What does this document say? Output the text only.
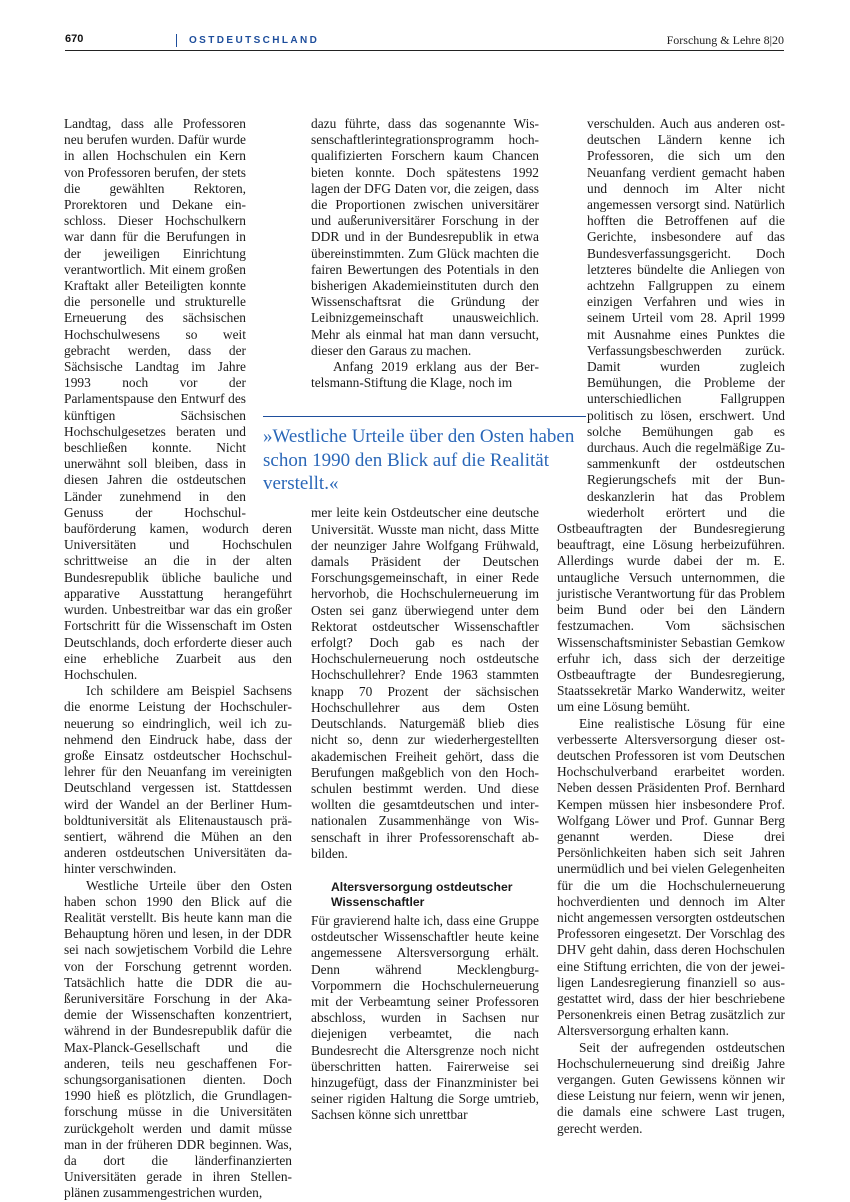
670	OSTDEUTSCHLAND	Forschung & Lehre 8|20

Landtag, dass alle Professoren neu berufen wurden. Dafür wurde in allen Hochschulen ein Kern von Professoren berufen, der stets die gewählten Rektoren, Prorektoren und Dekane einschloss. Dieser Hochschulkern war dann für die Berufungen in der jeweiligen Einrichtung verantwortlich. Mit einem großen Kraftakt aller Beteiligten konnte die personelle und strukturelle Erneuerung des sächsischen Hochschulwesens so weit gebracht werden, dass der Sächsische Landtag im Jahre 1993 noch vor der Parlamentspause den Entwurf des künftigen Sächsischen Hochschulgesetzes beraten und beschließen konnte. Nicht unerwähnt soll bleiben, dass in diesen Jahren die ostdeutschen Länder zunehmend in den Genuss der Hochschulbauförderung kamen, wodurch deren Universitäten und Hochschulen schrittweise an die in der alten Bundesrepublik übliche bauliche und apparative Ausstattung herangeführt wurden. Unbestreitbar war das ein großer Fortschritt für die Wissenschaft im Osten Deutschlands, doch erforderte dieser auch eine erhebliche Zuarbeit aus den Hochschulen.

Ich schildere am Beispiel Sachsens die enorme Leistung der Hochschulerneuerung so eindringlich, weil ich zunehmend den Eindruck habe, dass der große Einsatz ostdeutscher Hochschullehrer für den Neuanfang im vereinigten Deutschland vergessen ist. Stattdessen wird der Wandel an der Berliner Humboldtuniversität als Elitenaustausch präsentiert, während die Mühen an den anderen ostdeutschen Universitäten dahinter verschwinden.

Westliche Urteile über den Osten haben schon 1990 den Blick auf die Realität verstellt. Bis heute kann man die Behauptung hören und lesen, in der DDR sei nach sowjetischem Vorbild die Lehre von der Forschung getrennt worden. Tatsächlich hatte die DDR die außeruniversitäre Forschung in der Akademie der Wissenschaften konzentriert, während in der Bundesrepublik dafür die Max-Planck-Gesellschaft und die anderen, teils neu geschaffenen Forschungsorganisationen dienten. Doch 1990 hieß es plötzlich, die Grundlagenforschung müsse in die Universitäten zurückgeholt werden und damit müsse man in der früheren DDR beginnen. Was, da dort die länderfinanzierten Universitäten gerade in ihren Stellenplänen zusammengestrichen wurden,

dazu führte, dass das sogenannte Wissenschaftlerintegrationsprogramm hochqualifizierten Forschern kaum Chancen bieten konnte. Doch spätestens 1992 lagen der DFG Daten vor, die zeigen, dass die Proportionen zwischen universitärer und außeruniversitärer Forschung in der DDR und in der Bundesrepublik in etwa übereinstimmten. Zum Glück machten die fairen Bewertungen des Potentials in den bisherigen Akademieinstituten durch den Wissenschaftsrat die Gründung der Leibnizgemeinschaft unausweichlich. Mehr als einmal hat man dann versucht, dieser den Garaus zu machen.

Anfang 2019 erklang aus der Bertelsmann-Stiftung die Klage, noch im

mer leite kein Ostdeutscher eine deutsche Universität. Wusste man nicht, dass Mitte der neunziger Jahre Wolfgang Frühwald, damals Präsident der Deutschen Forschungsgemeinschaft, in einer Rede hervorhob, die Hochschulerneuerung im Osten sei ganz überwiegend unter dem Rektorat ostdeutscher Wissenschaftler erfolgt? Doch gab es nach der Hochschulerneuerung noch ostdeutsche Hochschullehrer? Ende 1963 stammten knapp 70 Prozent der sächsischen Hochschullehrer aus dem Osten Deutschlands. Naturgemäß blieb dies nicht so, denn zur wiederhergestellten akademischen Freiheit gehört, dass die Berufungen maßgeblich von den Hochschulen bestimmt werden. Und diese wollten die gesamtdeutschen und internationalen Zusammenhänge von Wissenschaft in ihrer Professorenschaft abbilden.

Altersversorgung ostdeutscher Wissenschaftler

Für gravierend halte ich, dass eine Gruppe ostdeutscher Wissenschaftler heute keine angemessene Altersversorgung erhält. Denn während Mecklengburg-Vorpommern die Hochschulerneuerung mit der Verbeamtung seiner Professoren abschloss, wurden in Sachsen nur diejenigen verbeamtet, die nach Bundesrecht die Altersgrenze noch nicht überschritten hatten. Fairerweise sei hinzugefügt, dass der Finanzminister bei seiner rigiden Haltung die Sorge umtrieb, Sachsen könne sich unrettbar

verschulden. Auch aus anderen ostdeutschen Ländern kenne ich Professoren, die sich um den Neuanfang verdient gemacht haben und dennoch im Alter nicht angemessen versorgt sind. Natürlich hofften die Betroffenen auf die Gerichte, insbesondere auf das Bundesverfassungsgericht. Doch letzteres bündelte die Anliegen von achtzehn Fallgruppen zu einem einzigen Verfahren und wies in seinem Urteil vom 28. April 1999 mit Ausnahme eines Punktes die Verfassungsbeschwerden zurück. Damit wurden zugleich Bemühungen, die Probleme der unterschiedlichen Fallgruppen politisch zu lösen, erschwert. Und solche Bemühungen gab es durchaus. Auch die regelmäßige Zusammenkunft der ostdeutschen Regierungschefs mit der Bundeskanzlerin hat das Problem wiederholt erörtert und die Ostbeauftragten der Bundesregierung beauftragt, eine Lösung herbeizuführen. Allerdings wurde dabei der m. E. untaugliche Versuch unternommen, die juristische Verantwortung für das Problem beim Bund oder bei den Ländern festzumachen. Vom sächsischen Wissenschaftsminister Sebastian Gemkow erfuhr ich, dass sich der derzeitige Ostbeauftragte der Bundesregierung, Staatssekretär Marko Wanderwitz, weiter um eine Lösung bemüht.

Eine realistische Lösung für eine verbesserte Altersversorgung dieser ostdeutschen Professoren ist vom Deutschen Hochschulverband erarbeitet worden. Neben dessen Präsidenten Prof. Bernhard Kempen müssen hier insbesondere Prof. Wolfgang Löwer und Prof. Gunnar Berg genannt werden. Diese drei Persönlichkeiten haben sich seit Jahren unermüdlich und bei vielen Gelegenheiten für die um die Hochschulerneuerung hochverdienten und dennoch im Alter nicht angemessen versorgten ostdeutschen Professoren eingesetzt. Der Vorschlag des DHV geht dahin, dass deren Hochschulen eine Stiftung errichten, die von der jeweiligen Landesregierung finanziell so ausgestattet wird, dass der hier beschriebene Personenkreis einen Betrag zusätzlich zur Altersversorgung erhalten kann.

Seit der aufregenden ostdeutschen Hochschulerneuerung sind dreißig Jahre vergangen. Guten Gewissens können wir diese Leistung nur feiern, wenn wir jenen, die damals eine schwere Last trugen, gerecht werden.

»Westliche Urteile über den Osten haben schon 1990 den Blick auf die Realität verstellt.«
